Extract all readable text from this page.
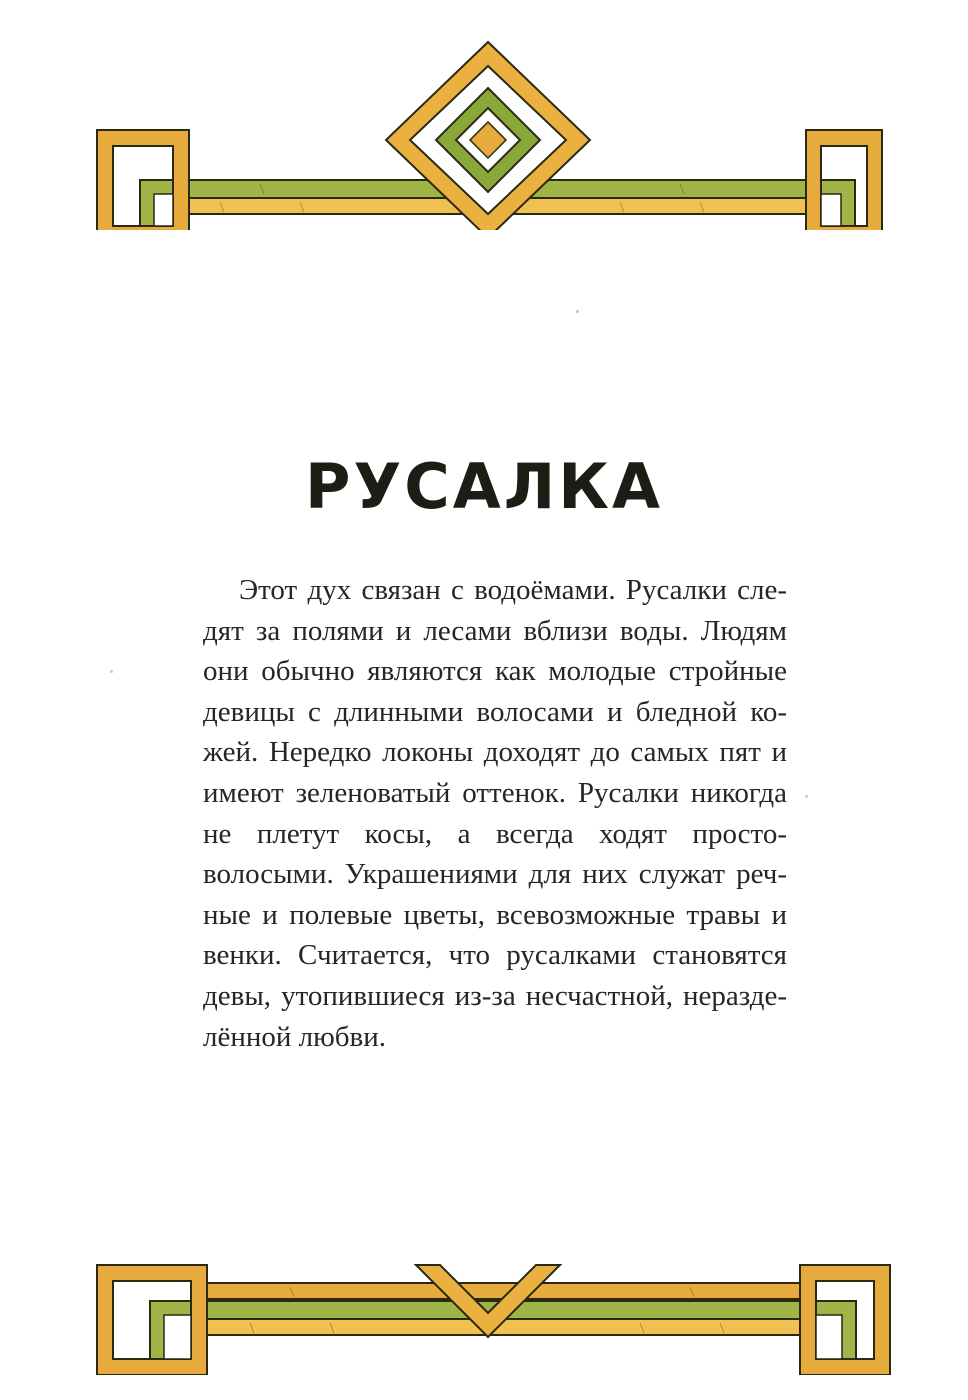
РУСАЛКА

Этот дух связан с водоёмами. Русалки следят за полями и лесами вблизи воды. Людям они обычно являются как молодые стройные девицы с длинными волосами и бледной кожей. Нередко локоны доходят до самых пят и имеют зеленоватый оттенок. Русалки никогда не плетут косы, а всегда ходят простоволосыми. Украшениями для них служат речные и полевые цветы, всевозможные травы и венки. Считается, что русалками становятся девы, утопившиеся из-за несчастной, нераздeлённой любви.
